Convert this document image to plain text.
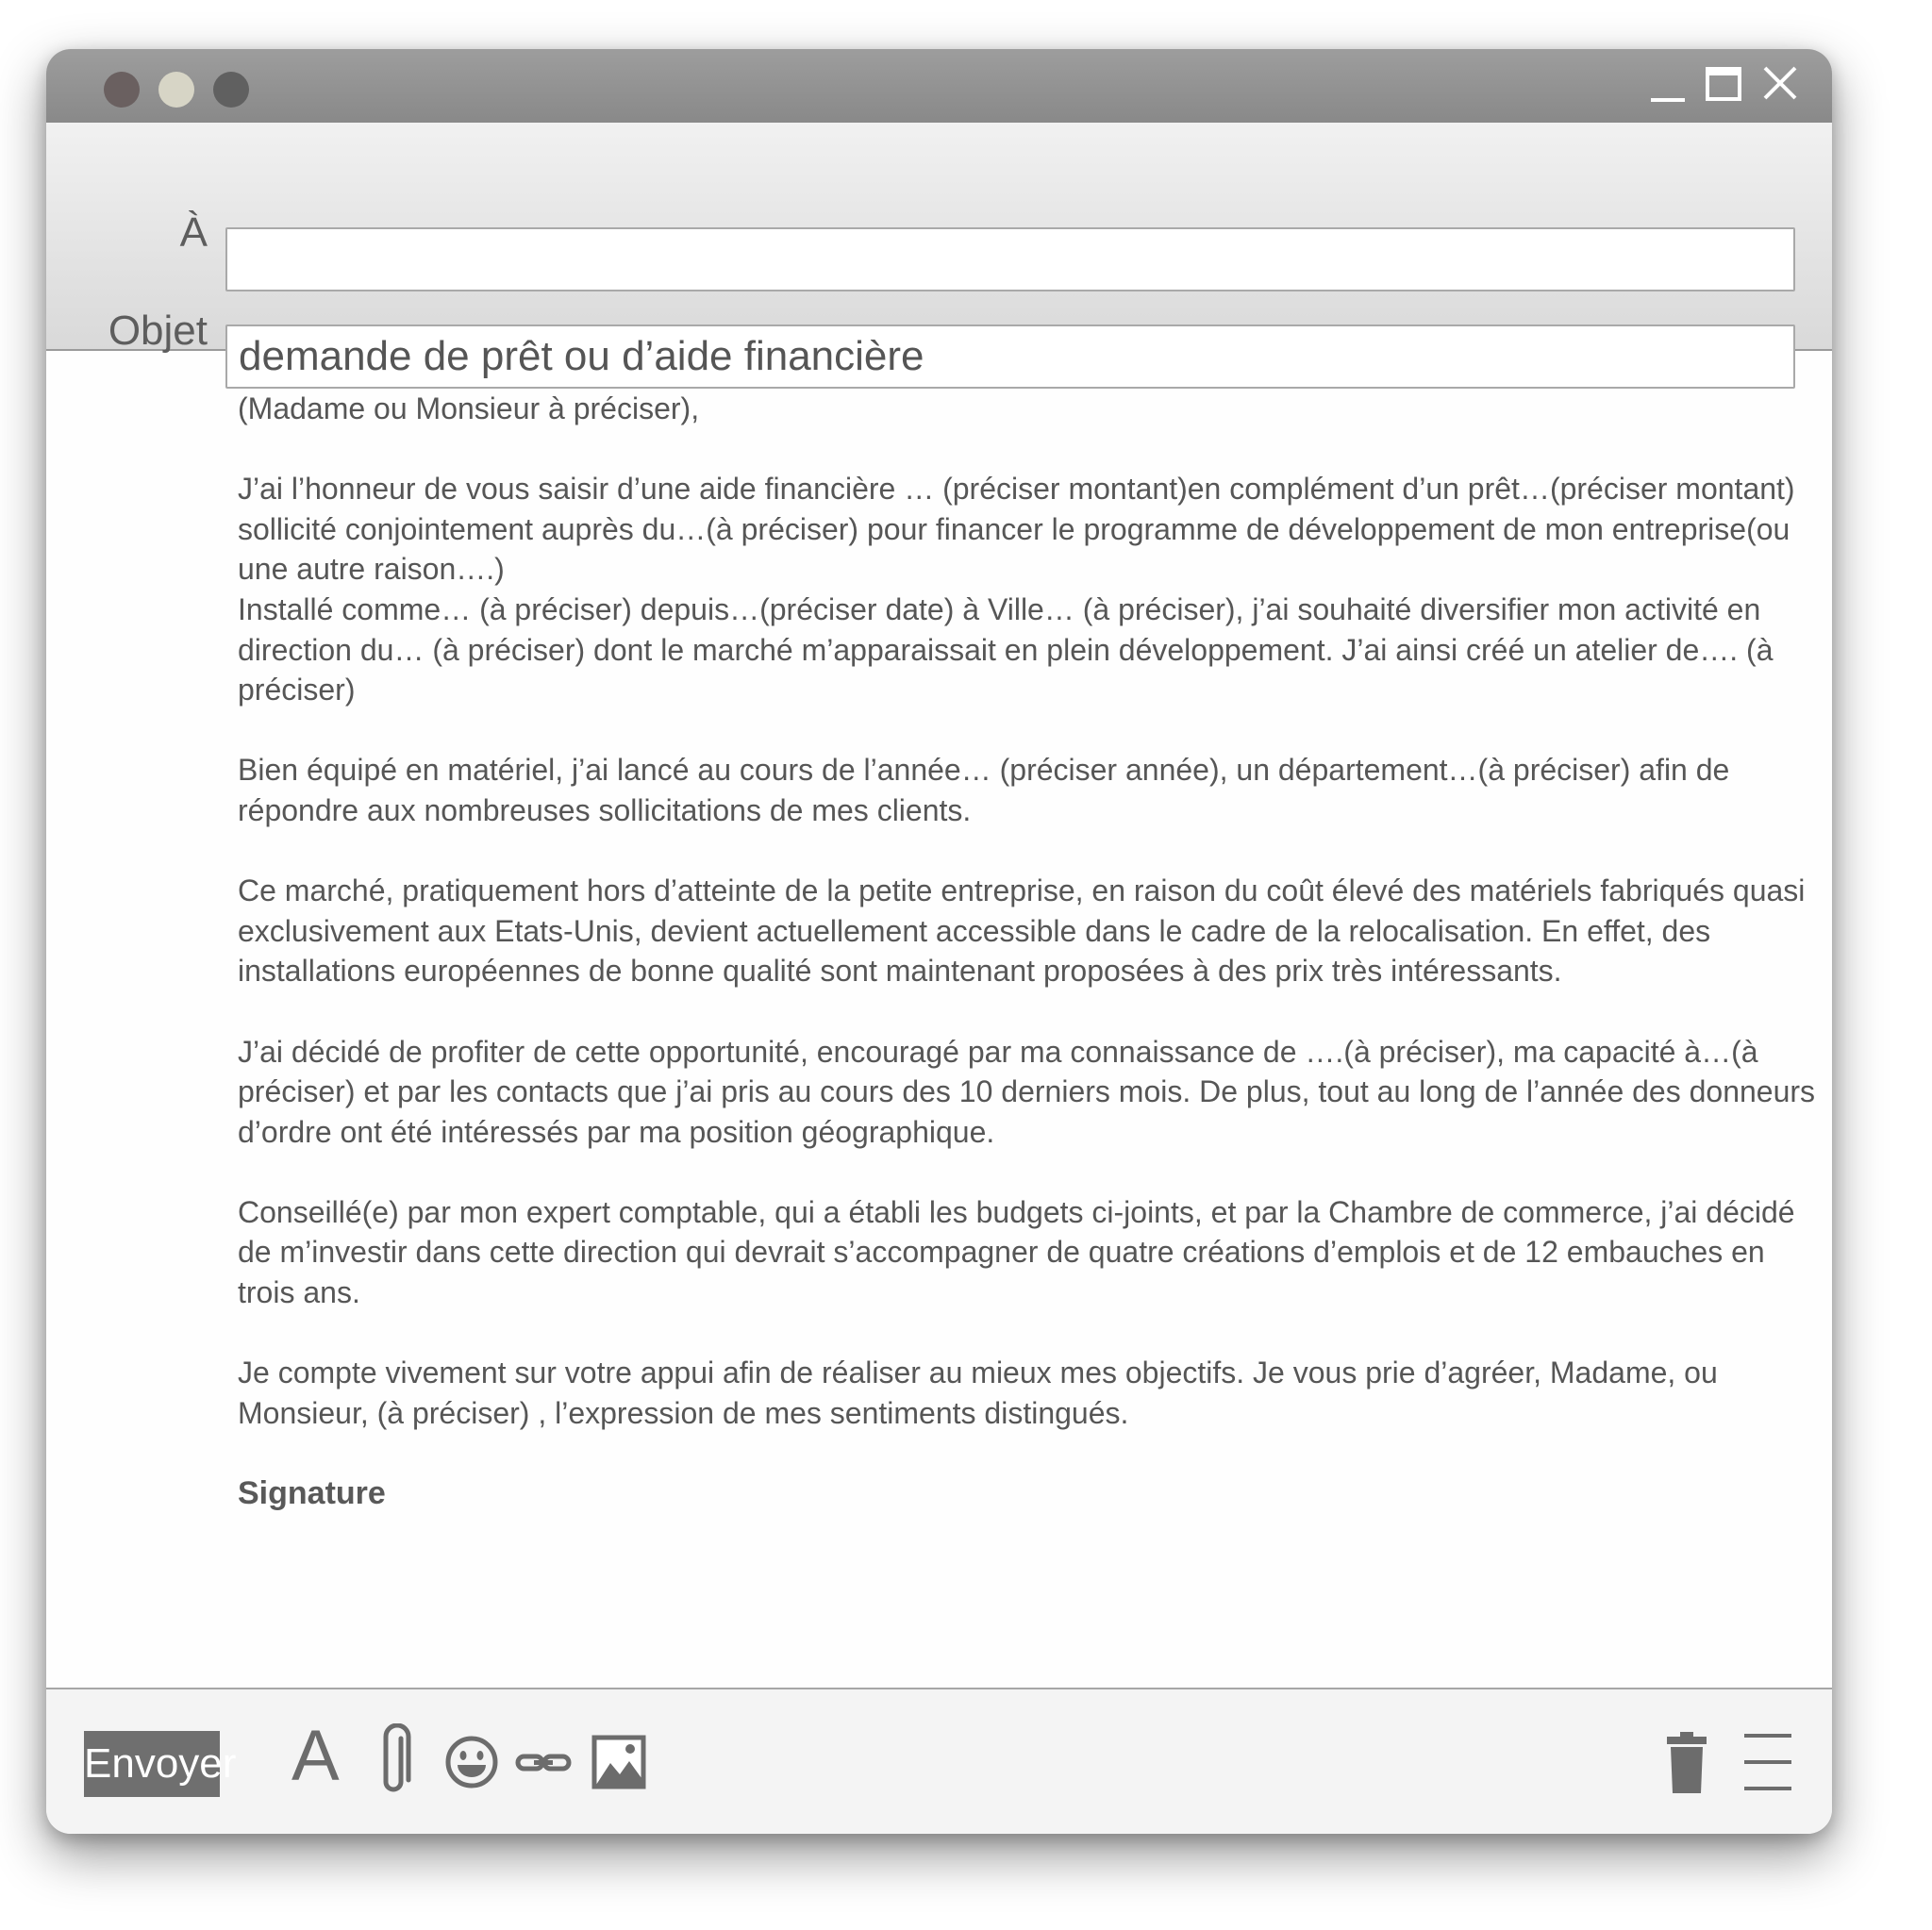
À
Objet
demande de prêt ou d’aide financière

(Madame ou Monsieur à préciser),

J’ai l’honneur de vous saisir d’une aide financière … (préciser montant)en complément d’un prêt…(préciser montant) sollicité conjointement auprès du…(à préciser) pour financer le programme de développement de mon entreprise(ou une autre raison….)

Installé comme… (à préciser) depuis…(préciser date) à Ville… (à préciser), j’ai souhaité diversifier mon activité en direction du… (à préciser) dont le marché m’apparaissait en plein développement. J’ai ainsi créé un atelier de…. (à préciser)

Bien équipé en matériel, j’ai lancé au cours de l’année… (préciser année), un département…(à préciser) afin de répondre aux nombreuses sollicitations de mes clients.

Ce marché, pratiquement hors d’atteinte de la petite entreprise, en raison du coût élevé des matériels fabriqués quasi exclusivement aux Etats-Unis, devient actuellement accessible dans le cadre de la relocalisation. En effet, des installations européennes de bonne qualité sont maintenant proposées à des prix très intéressants.

J’ai décidé de profiter de cette opportunité, encouragé par ma connaissance de ….(à préciser), ma capacité à…(à préciser) et par les contacts que j’ai pris au cours des 10 derniers mois. De plus, tout au long de l’année des donneurs d’ordre ont été intéressés par ma position géographique.

Conseillé(e) par mon expert comptable, qui a établi les budgets ci-joints, et par la Chambre de commerce, j’ai décidé de m’investir dans cette direction qui devrait s’accompagner de quatre créations d’emplois et de 12 embauches en trois ans.

Je compte vivement sur votre appui afin de réaliser au mieux mes objectifs. Je vous prie d’agréer, Madame, ou Monsieur, (à préciser) , l’expression de mes sentiments distingués.

Signature

Envoyer A
